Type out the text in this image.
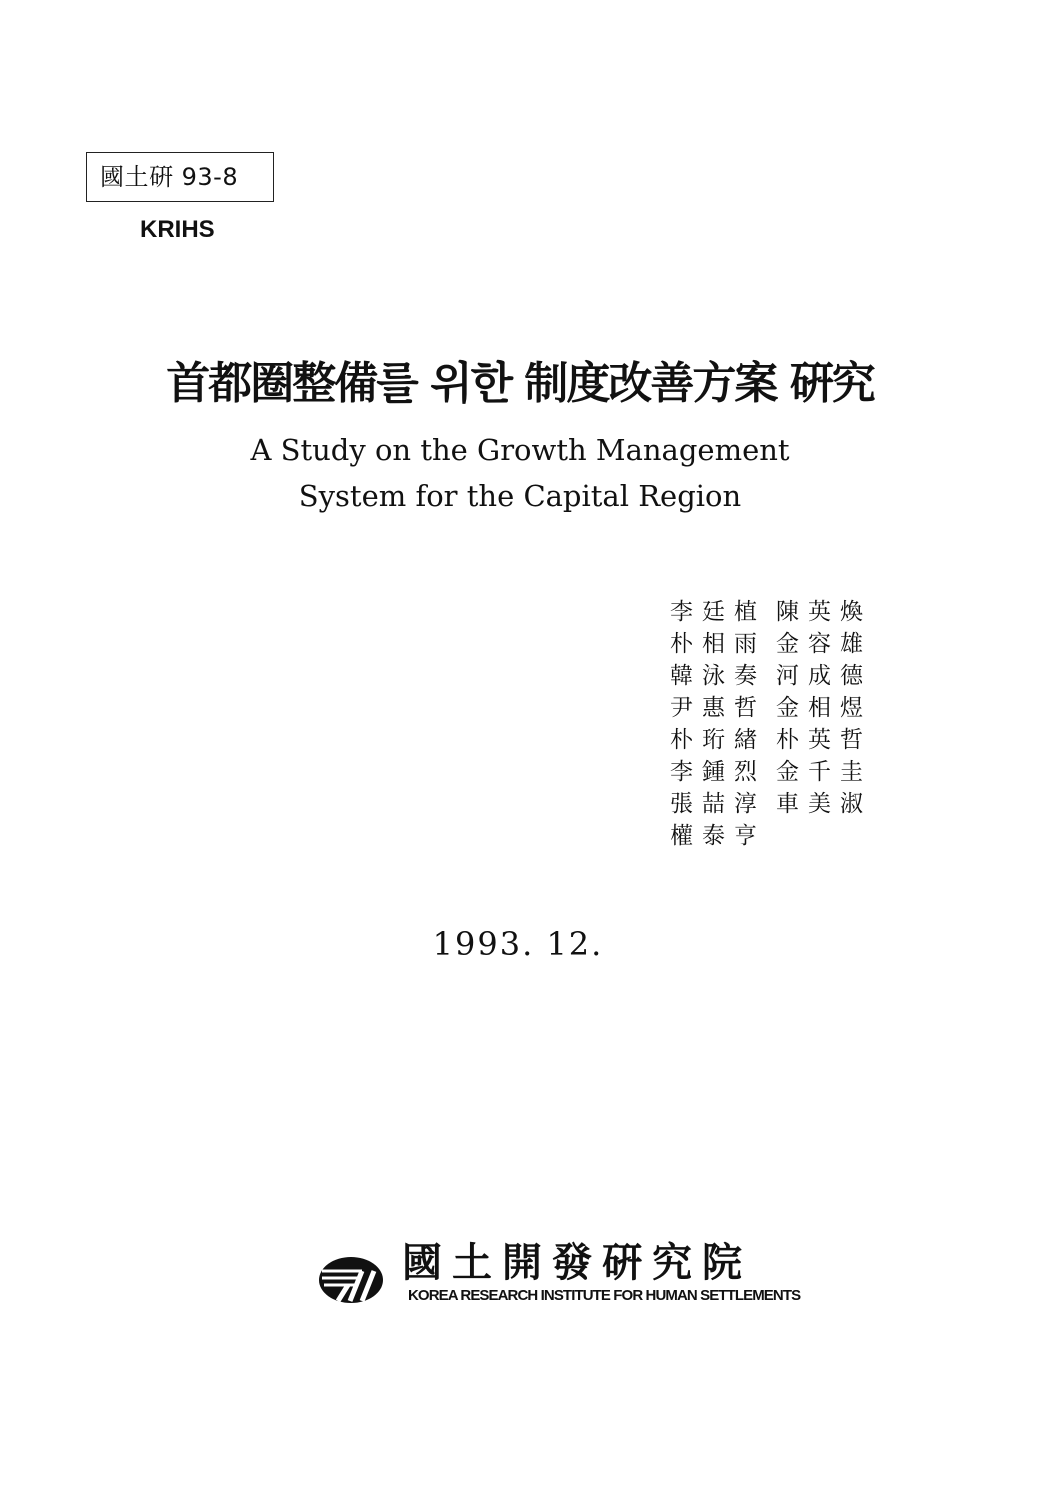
國土硏 93-8
KRIHS
首都圈整備를 위한 制度改善方案 硏究
A Study on the Growth Management
System for the Capital Region
李廷植 陳英煥
朴相雨 金容雄
韓泳奏 河成德
尹惠哲 金相煜
朴珩緖 朴英哲
李鍾烈 金千圭
張喆淳 車美淑
權泰亨
1993. 12.
國土開發硏究院
KOREA RESEARCH INSTITUTE FOR HUMAN SETTLEMENTS
